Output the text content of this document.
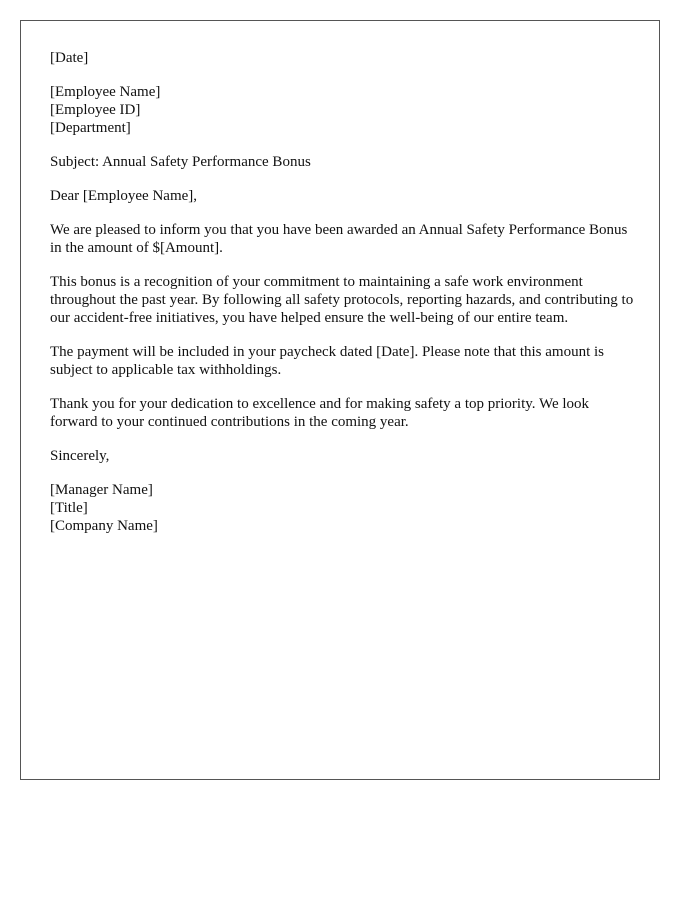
[Date]
[Employee Name]
[Employee ID]
[Department]
Subject: Annual Safety Performance Bonus
Dear [Employee Name],

We are pleased to inform you that you have been awarded an Annual Safety Performance Bonus in the amount of $[Amount].

This bonus is a recognition of your commitment to maintaining a safe work environment throughout the past year. By following all safety protocols, reporting hazards, and contributing to our accident-free initiatives, you have helped ensure the well-being of our entire team.

The payment will be included in your paycheck dated [Date]. Please note that this amount is subject to applicable tax withholdings.

Thank you for your dedication to excellence and for making safety a top priority. We look forward to your continued contributions in the coming year.

Sincerely,
[Manager Name]
[Title]
[Company Name]
